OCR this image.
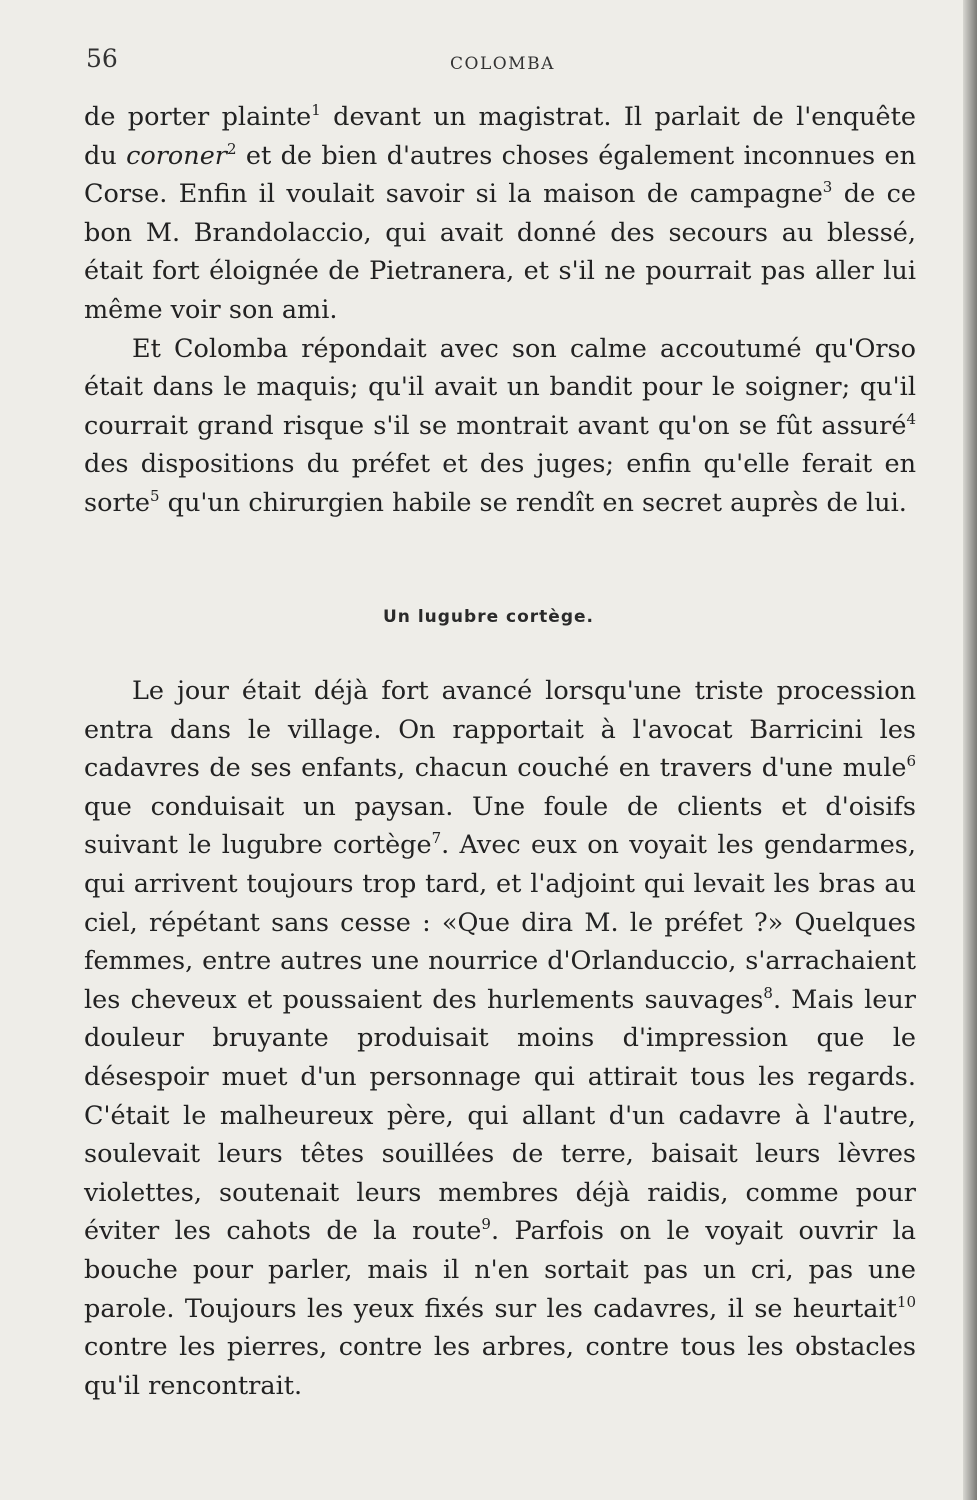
56	COLOMBA

de porter plainte$^1$ devant un magistrat. Il parlait de l'enquête du coroner$^2$ et de bien d'autres choses également inconnues en Corse. Enfin il voulait savoir si la maison de campagne$^3$ de ce bon M. Brandolaccio, qui avait donné des secours au blessé, était fort éloignée de Pietranera, et s'il ne pourrait pas aller lui même voir son ami.

Et Colomba répondait avec son calme accoutumé qu'Orso était dans le maquis; qu'il avait un bandit pour le soigner; qu'il courrait grand risque s'il se montrait avant qu'on se fût assuré$^4$ des dispositions du préfet et des juges; enfin qu'elle ferait en sorte$^5$ qu'un chirurgien habile se rendît en secret auprès de lui.

Un lugubre cortège.

Le jour était déjà fort avancé lorsqu'une triste procession entra dans le village. On rapportait à l'avocat Barricini les cadavres de ses enfants, chacun couché en travers d'une mule$^6$ que conduisait un paysan. Une foule de clients et d'oisifs suivant le lugubre cortège$^7$. Avec eux on voyait les gendarmes, qui arrivent toujours trop tard, et l'adjoint qui levait les bras au ciel, répétant sans cesse : «Que dira M. le préfet ?» Quelques femmes, entre autres une nourrice d'Orlanduccio, s'arrachaient les cheveux et poussaient des hurlements sauvages$^8$. Mais leur douleur bruyante produisait moins d'impression que le désespoir muet d'un personnage qui attirait tous les regards. C'était le malheureux père, qui allant d'un cadavre à l'autre, soulevait leurs têtes souillées de terre, baisait leurs lèvres violettes, soutenait leurs membres déjà raidis, comme pour éviter les cahots de la route$^9$. Parfois on le voyait ouvrir la bouche pour parler, mais il n'en sortait pas un cri, pas une parole. Toujours les yeux fixés sur les cadavres, il se heurtait$^{10}$ contre les pierres, contre les arbres, contre tous les obstacles qu'il rencontrait.
